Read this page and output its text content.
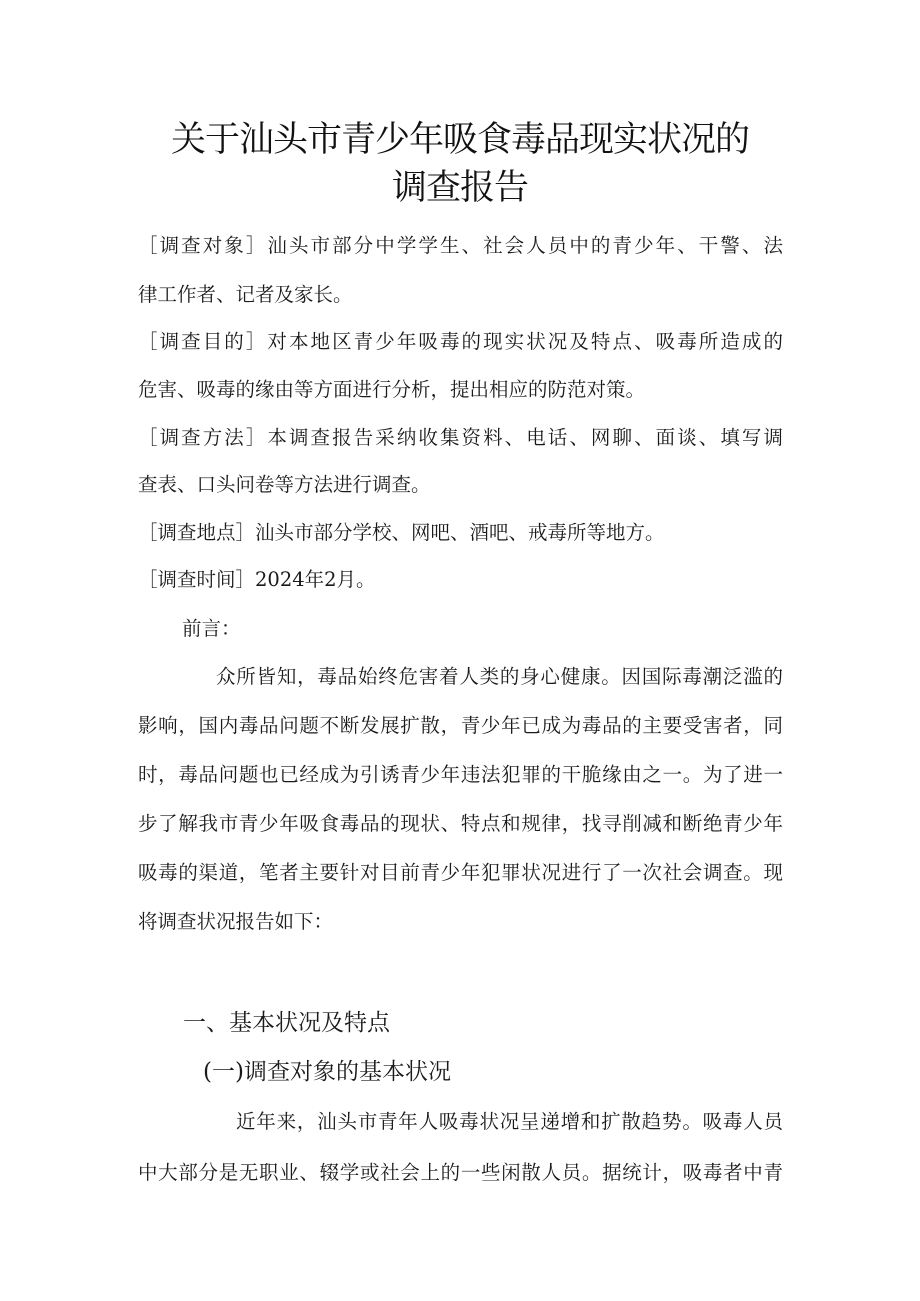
关于汕头市青少年吸食毒品现实状况的
调查报告
［调查对象］汕头市部分中学学生、社会人员中的青少年、干警、法
律工作者、记者及家长。
［调查目的］对本地区青少年吸毒的现实状况及特点、吸毒所造成的
危害、吸毒的缘由等方面进行分析，提出相应的防范对策。
［调查方法］本调查报告采纳收集资料、电话、网聊、面谈、填写调
查表、口头问卷等方法进行调查。
［调查地点］汕头市部分学校、网吧、酒吧、戒毒所等地方。
［调查时间］2024年2月。
前言：
众所皆知，毒品始终危害着人类的身心健康。因国际毒潮泛滥的
影响，国内毒品问题不断发展扩散，青少年已成为毒品的主要受害者，同
时，毒品问题也已经成为引诱青少年违法犯罪的干脆缘由之一。为了进一
步了解我市青少年吸食毒品的现状、特点和规律，找寻削减和断绝青少年
吸毒的渠道，笔者主要针对目前青少年犯罪状况进行了一次社会调查。现
将调查状况报告如下：
一、基本状况及特点
(一)调查对象的基本状况
近年来，汕头市青年人吸毒状况呈递增和扩散趋势。吸毒人员
中大部分是无职业、辍学或社会上的一些闲散人员。据统计，吸毒者中青
